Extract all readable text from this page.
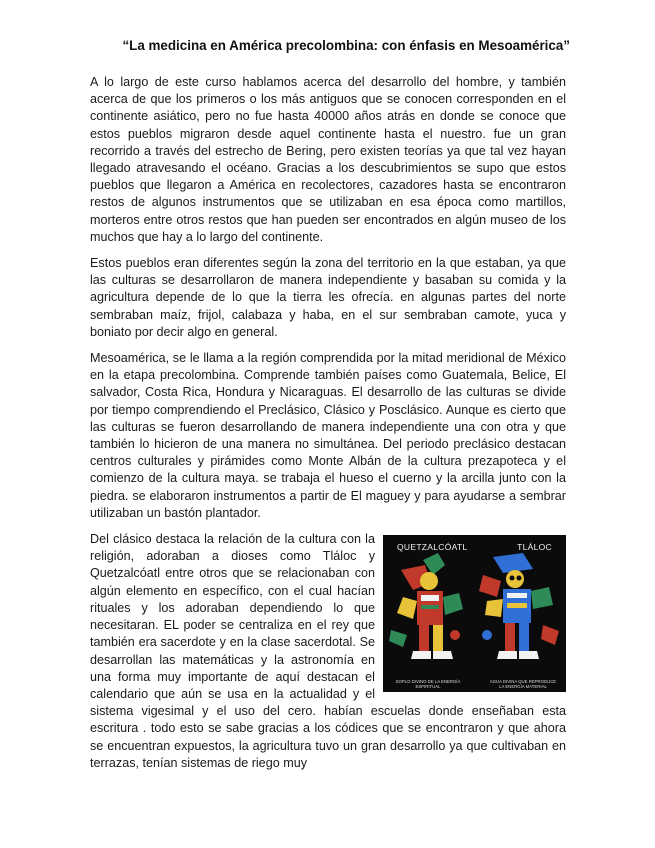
“La medicina en América precolombina: con énfasis en Mesoamérica”

A lo largo de este curso hablamos acerca del desarrollo del hombre, y también acerca de que los primeros o los más antiguos que se conocen corresponden en el continente asiático, pero no fue hasta 40000 años atrás en donde se conoce que estos pueblos migraron desde aquel continente hasta el nuestro. fue un gran recorrido a través del estrecho de Bering, pero existen teorías ya que tal vez hayan llegado atravesando el océano. Gracias a los descubrimientos se supo que estos pueblos que llegaron a América en recolectores, cazadores hasta se encontraron restos de algunos instrumentos que se utilizaban en esa época como martillos, morteros entre otros restos que han pueden ser encontrados en algún museo de los muchos que hay a lo largo del continente.

Estos pueblos eran diferentes según la zona del territorio en la que estaban, ya que las culturas se desarrollaron de manera independiente y basaban su comida y la agricultura depende de lo que la tierra les ofrecía. en algunas partes del norte sembraban maíz, frijol, calabaza y haba, en el sur sembraban camote, yuca y boniato por decir algo en general.

Mesoamérica, se le llama a la región comprendida por la mitad meridional de México en la etapa precolombina. Comprende también países como Guatemala, Belice, El salvador, Costa Rica, Hondura y Nicaraguas. El desarrollo de las culturas se divide por tiempo comprendiendo el Preclásico, Clásico y Posclásico. Aunque es cierto que las culturas se fueron desarrollando de manera independiente una con otra y que también lo hicieron de una manera no simultánea. Del periodo preclásico destacan centros culturales y pirámides como Monte Albán de la cultura prezapoteca y el comienzo de la cultura maya. se trabaja el hueso el cuerno y la arcilla junto con la piedra. se elaboraron instrumentos a partir de El maguey y para ayudarse a sembrar utilizaban un bastón plantador.

QUETZALCÓATL	TLÁLOC
SOPLO DIVINO DE LA ENERGÍA ESPIRITUAL
AGUA DIVINA QUE REPRODUCE LA ENERGÍA MATERIAL
Del clásico destaca la relación de la cultura con la religión, adoraban a dioses como Tláloc y Quetzalcóatl entre otros que se relacionaban con algún elemento en específico, con el cual hacían rituales y los adoraban dependiendo lo que necesitaran. EL poder se centraliza en el rey que también era sacerdote y en la clase sacerdotal. Se desarrollan las matemáticas y la astronomía en una forma muy importante de aquí destacan el calendario que aún se usa en la actualidad y el sistema vigesimal y el uso del cero. habían escuelas donde enseñaban esta escritura . todo esto se sabe gracias a los códices que se encontraron y que ahora se encuentran expuestos, la agricultura tuvo un gran desarrollo ya que cultivaban en terrazas, tenían sistemas de riego muy
